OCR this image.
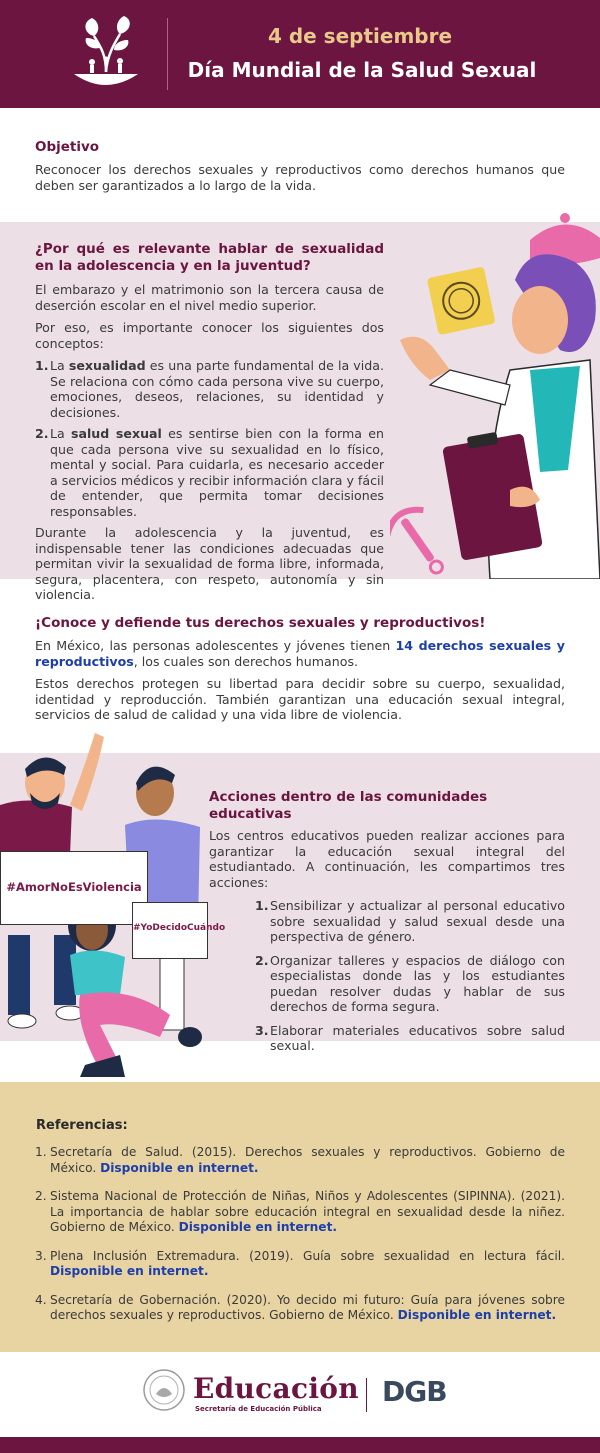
4 de septiembre
Día Mundial de la Salud Sexual
Objetivo

Reconocer los derechos sexuales y reproductivos como derechos humanos que deben ser garantizados a lo largo de la vida.

¿Por qué es relevante hablar de sexualidad en la adolescencia y en la juventud?

El embarazo y el matrimonio son la tercera causa de deserción escolar en el nivel medio superior.

Por eso, es importante conocer los siguientes dos conceptos:

1. La sexualidad es una parte fundamental de la vida. Se relaciona con cómo cada persona vive su cuerpo, emociones, deseos, relaciones, su identidad y decisiones.
2. La salud sexual es sentirse bien con la forma en que cada persona vive su sexualidad en lo físico, mental y social. Para cuidarla, es necesario acceder a servicios médicos y recibir información clara y fácil de entender, que permita tomar decisiones responsables.

Durante la adolescencia y la juventud, es indispensable tener las condiciones adecuadas que permitan vivir la sexualidad de forma libre, informada, segura, placentera, con respeto, autonomía y sin violencia.

¡Conoce y defiende tus derechos sexuales y reproductivos!

En México, las personas adolescentes y jóvenes tienen 14 derechos sexuales y reproductivos, los cuales son derechos humanos.

Estos derechos protegen su libertad para decidir sobre su cuerpo, sexualidad, identidad y reproducción. También garantizan una educación sexual integral, servicios de salud de calidad y una vida libre de violencia.

#AmorNoEsViolencia
#YoDecidoCuándo
Acciones dentro de las comunidades educativas

Los centros educativos pueden realizar acciones para garantizar la educación sexual integral del estudiantado. A continuación, les compartimos tres acciones:

1. Sensibilizar y actualizar al personal educativo sobre sexualidad y salud sexual desde una perspectiva de género.
2. Organizar talleres y espacios de diálogo con especialistas donde las y los estudiantes puedan resolver dudas y hablar de sus derechos de forma segura.
3. Elaborar materiales educativos sobre salud sexual.
Referencias:
1. Secretaría de Salud. (2015). Derechos sexuales y reproductivos. Gobierno de México. Disponible en internet.
2. Sistema Nacional de Protección de Niñas, Niños y Adolescentes (SIPINNA). (2021). La importancia de hablar sobre educación integral en sexualidad desde la niñez. Gobierno de México. Disponible en internet.
3. Plena Inclusión Extremadura. (2019). Guía sobre sexualidad en lectura fácil. Disponible en internet.
4. Secretaría de Gobernación. (2020). Yo decido mi futuro: Guía para jóvenes sobre derechos sexuales y reproductivos. Gobierno de México. Disponible en internet.
Educación
Secretaría de Educación Pública
DGB
